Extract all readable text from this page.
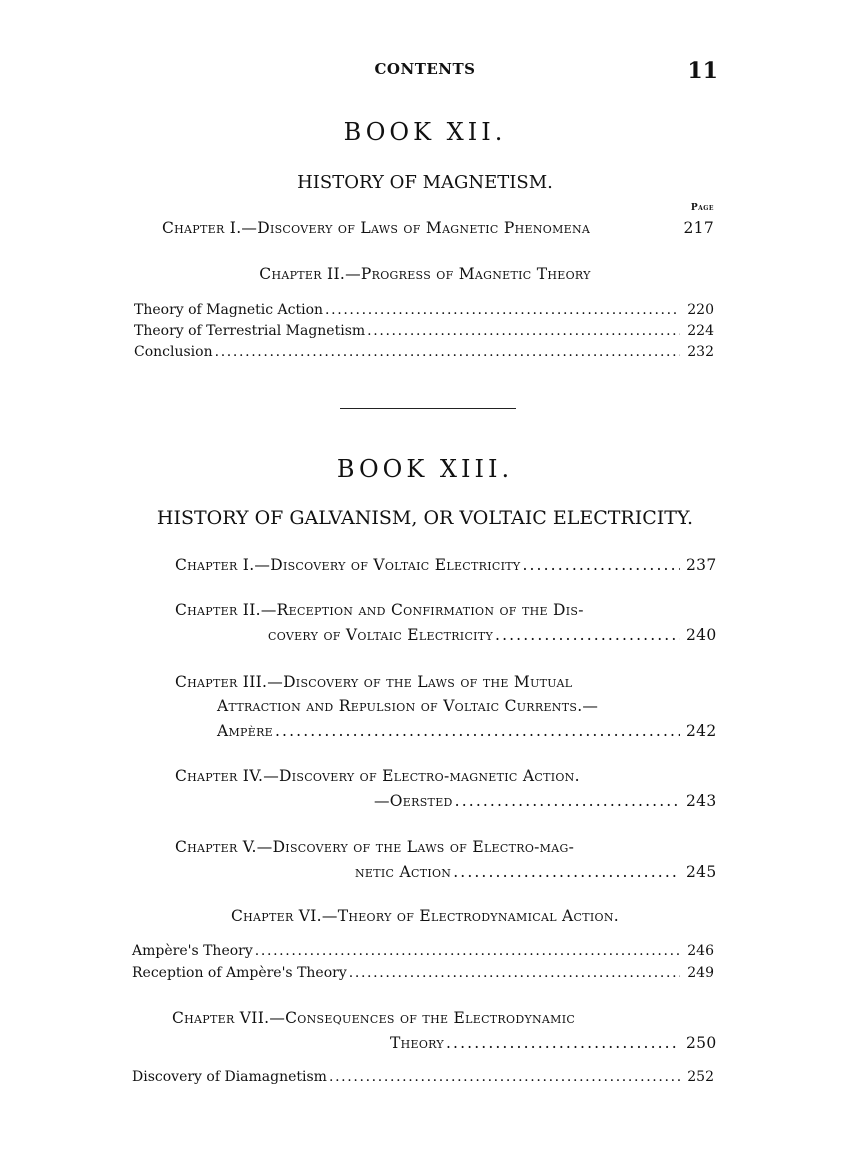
CONTENTS	11
BOOK XII.
HISTORY OF MAGNETISM.
Page
Chapter I.—Discovery of Laws of Magnetic Phenomena	217
Chapter II.—Progress of Magnetic Theory
Theory of Magnetic Action . . .	220
Theory of Terrestrial Magnetism . . .	224
Conclusion . . .	232
BOOK XIII.
HISTORY OF GALVANISM, OR VOLTAIC ELECTRICITY.
Chapter I.—Discovery of Voltaic Electricity . . .	237
Chapter II.—Reception and Confirmation of the Dis-
covery of Voltaic Electricity . . .	240
Chapter III.—Discovery of the Laws of the Mutual
Attraction and Repulsion of Voltaic Currents.—
Ampère . . .	242
Chapter IV.—Discovery of Electro-magnetic Action.
—Oersted . . .	243
Chapter V.—Discovery of the Laws of Electro-mag-
netic Action . . .	245
Chapter VI.—Theory of Electrodynamical Action.
Ampère's Theory . . .	246
Reception of Ampère's Theory . . .	249
Chapter VII.—Consequences of the Electrodynamic
Theory . . .	250
Discovery of Diamagnetism . . .	252
